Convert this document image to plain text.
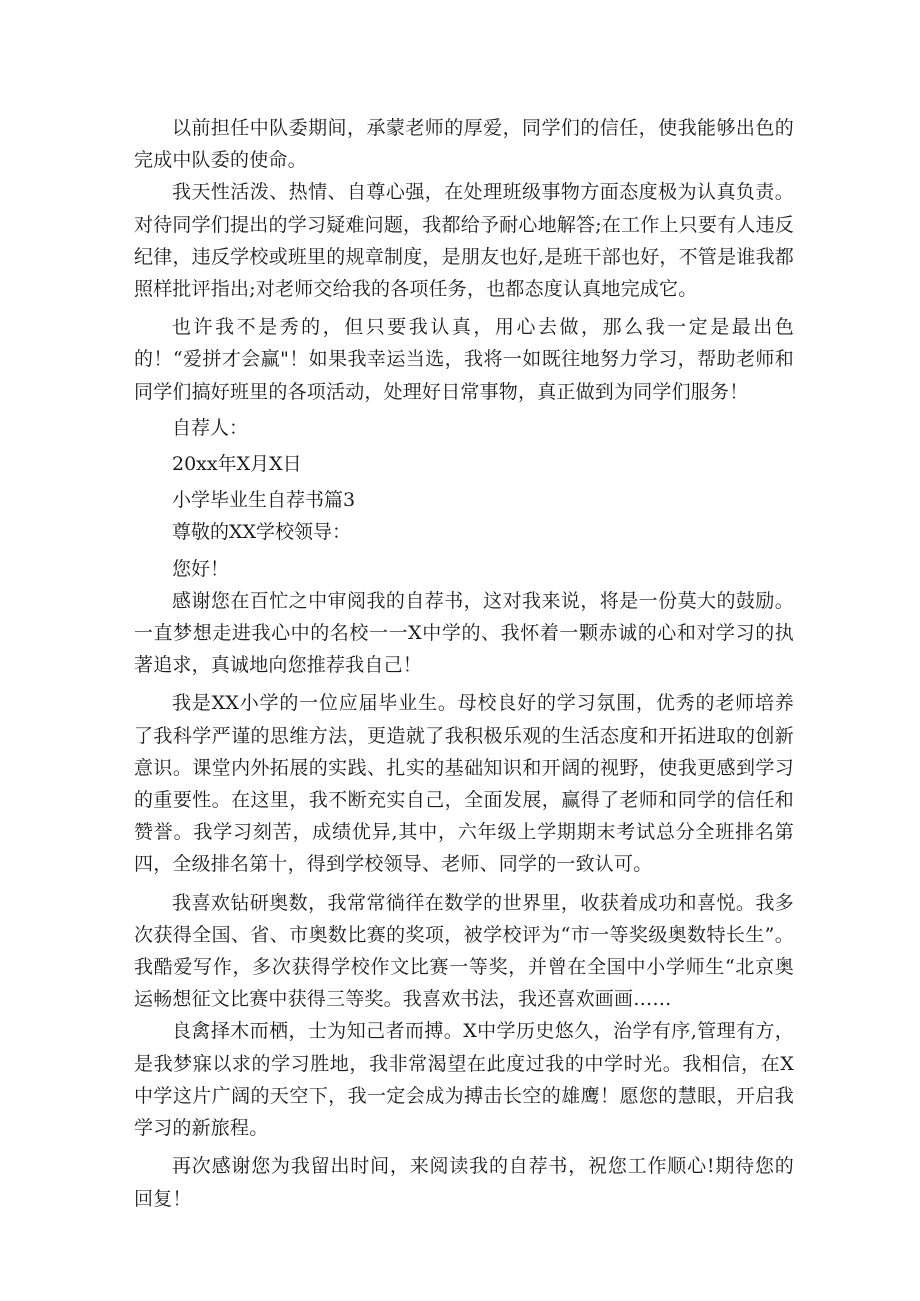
以前担任中队委期间，承蒙老师的厚爱，同学们的信任，使我能够出色的完成中队委的使命。

我天性活泼、热情、自尊心强，在处理班级事物方面态度极为认真负责。对待同学们提出的学习疑难问题，我都给予耐心地解答;在工作上只要有人违反纪律，违反学校或班里的规章制度，是朋友也好,是班干部也好，不管是谁我都照样批评指出;对老师交给我的各项任务，也都态度认真地完成它。

也许我不是秀的，但只要我认真，用心去做，那么我一定是最出色的！“爱拼才会赢"！如果我幸运当选，我将一如既往地努力学习，帮助老师和同学们搞好班里的各项活动，处理好日常事物，真正做到为同学们服务！

自荐人：

20xx年X月X日

小学毕业生自荐书篇3

尊敬的XX学校领导：

您好！

感谢您在百忙之中审阅我的自荐书，这对我来说，将是一份莫大的鼓励。一直梦想走进我心中的名校一一X中学的、我怀着一颗赤诚的心和对学习的执著追求，真诚地向您推荐我自己！

我是XX小学的一位应届毕业生。母校良好的学习氛围，优秀的老师培养了我科学严谨的思维方法，更造就了我积极乐观的生活态度和开拓进取的创新意识。课堂内外拓展的实践、扎实的基础知识和开阔的视野，使我更感到学习的重要性。在这里，我不断充实自己，全面发展，赢得了老师和同学的信任和赞誉。我学习刻苦，成绩优异,其中，六年级上学期期末考试总分全班排名第四，全级排名第十，得到学校领导、老师、同学的一致认可。

我喜欢钻研奥数，我常常徜徉在数学的世界里，收获着成功和喜悦。我多次获得全国、省、市奥数比赛的奖项，被学校评为“市一等奖级奥数特长生”。我酷爱写作，多次获得学校作文比赛一等奖，并曾在全国中小学师生“北京奥运畅想征文比赛中获得三等奖。我喜欢书法，我还喜欢画画……

良禽择木而栖，士为知己者而搏。X中学历史悠久，治学有序,管理有方，是我梦寐以求的学习胜地，我非常渴望在此度过我的中学时光。我相信，在X中学这片广阔的天空下，我一定会成为搏击长空的雄鹰！愿您的慧眼，开启我学习的新旅程。

再次感谢您为我留出时间，来阅读我的自荐书，祝您工作顺心!期待您的回复！
